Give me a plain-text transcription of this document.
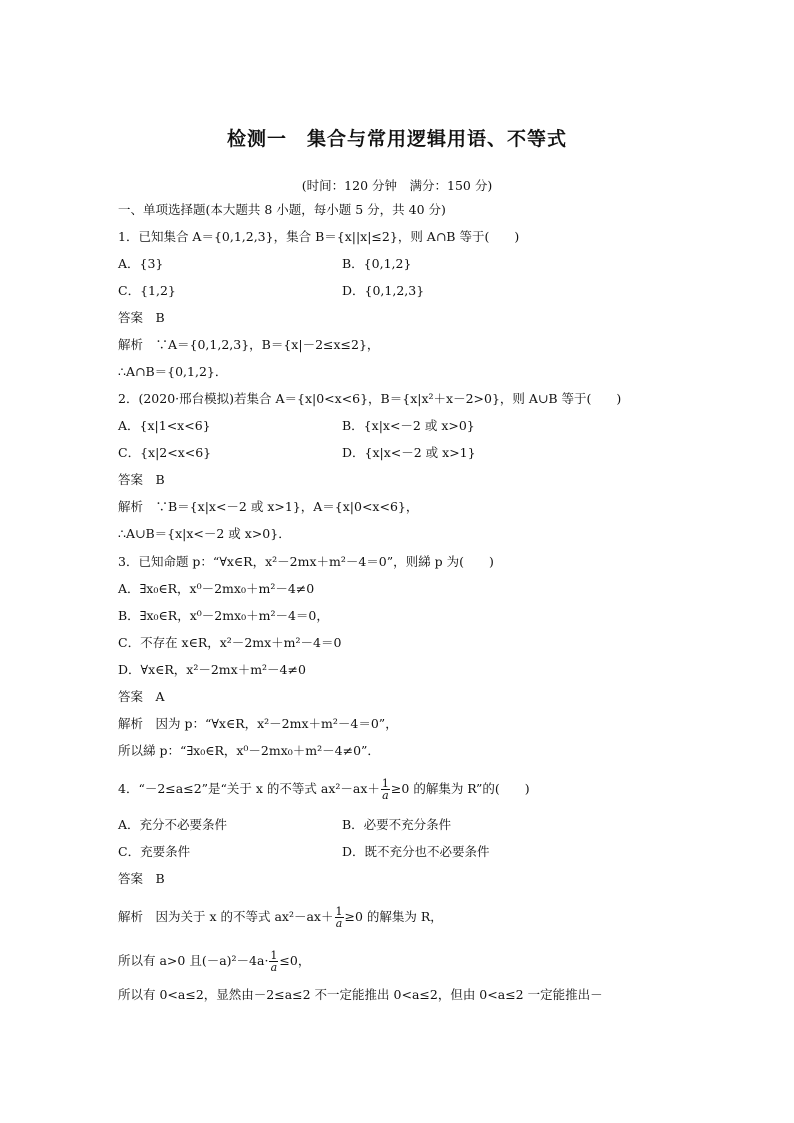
检测一　集合与常用逻辑用语、不等式
(时间：120 分钟　满分：150 分)
一、单项选择题(本大题共 8 小题，每小题 5 分，共 40 分)
1．已知集合 A＝{0,1,2,3}，集合 B＝{x||x|≤2}，则 A∩B 等于(　　)
A．{3}	B．{0,1,2}
C．{1,2}	D．{0,1,2,3}
答案　B
解析　∵A＝{0,1,2,3}，B＝{x|－2≤x≤2}，
∴A∩B＝{0,1,2}．
2．(2020·邢台模拟)若集合 A＝{x|0<x<6}，B＝{x|x²＋x－2>0}，则 A∪B 等于(　　)
A．{x|1<x<6}	B．{x|x<－2 或 x>0}
C．{x|2<x<6}	D．{x|x<－2 或 x>1}
答案　B
解析　∵B＝{x|x<－2 或 x>1}，A＝{x|0<x<6}，
∴A∪B＝{x|x<－2 或 x>0}．
3．已知命题 p：“∀x∈R，x²－2mx＋m²－4＝0”，则綈 p 为(　　)
A．∃x₀∈R，x⁰－2mx₀＋m²－4≠0
B．∃x₀∈R，x⁰－2mx₀＋m²－4＝0，
C．不存在 x∈R，x²－2mx＋m²－4＝0
D．∀x∈R，x²－2mx＋m²－4≠0
答案　A
解析　因为 p：“∀x∈R，x²－2mx＋m²－4＝0”，
所以綈 p：“∃x₀∈R，x⁰－2mx₀＋m²－4≠0”．
4．“－2≤a≤2”是“关于 x 的不等式 $ax^2-ax+ \frac{1}{a} \ge 0$ 的解集为 R”的(　　)
A．充分不必要条件	B．必要不充分条件
C．充要条件	D．既不充分也不必要条件
答案　B
解析　因为关于 x 的不等式 $ax^2-ax+ \frac{1}{a} \ge 0$ 的解集为 R，
所以有 a>0 且$(-a)^2-4a\cdot \frac{1}{a} \le 0$，
所以有 0<a≤2，显然由－2≤a≤2 不一定能推出 0<a≤2，但由 0<a≤2 一定能推出－
